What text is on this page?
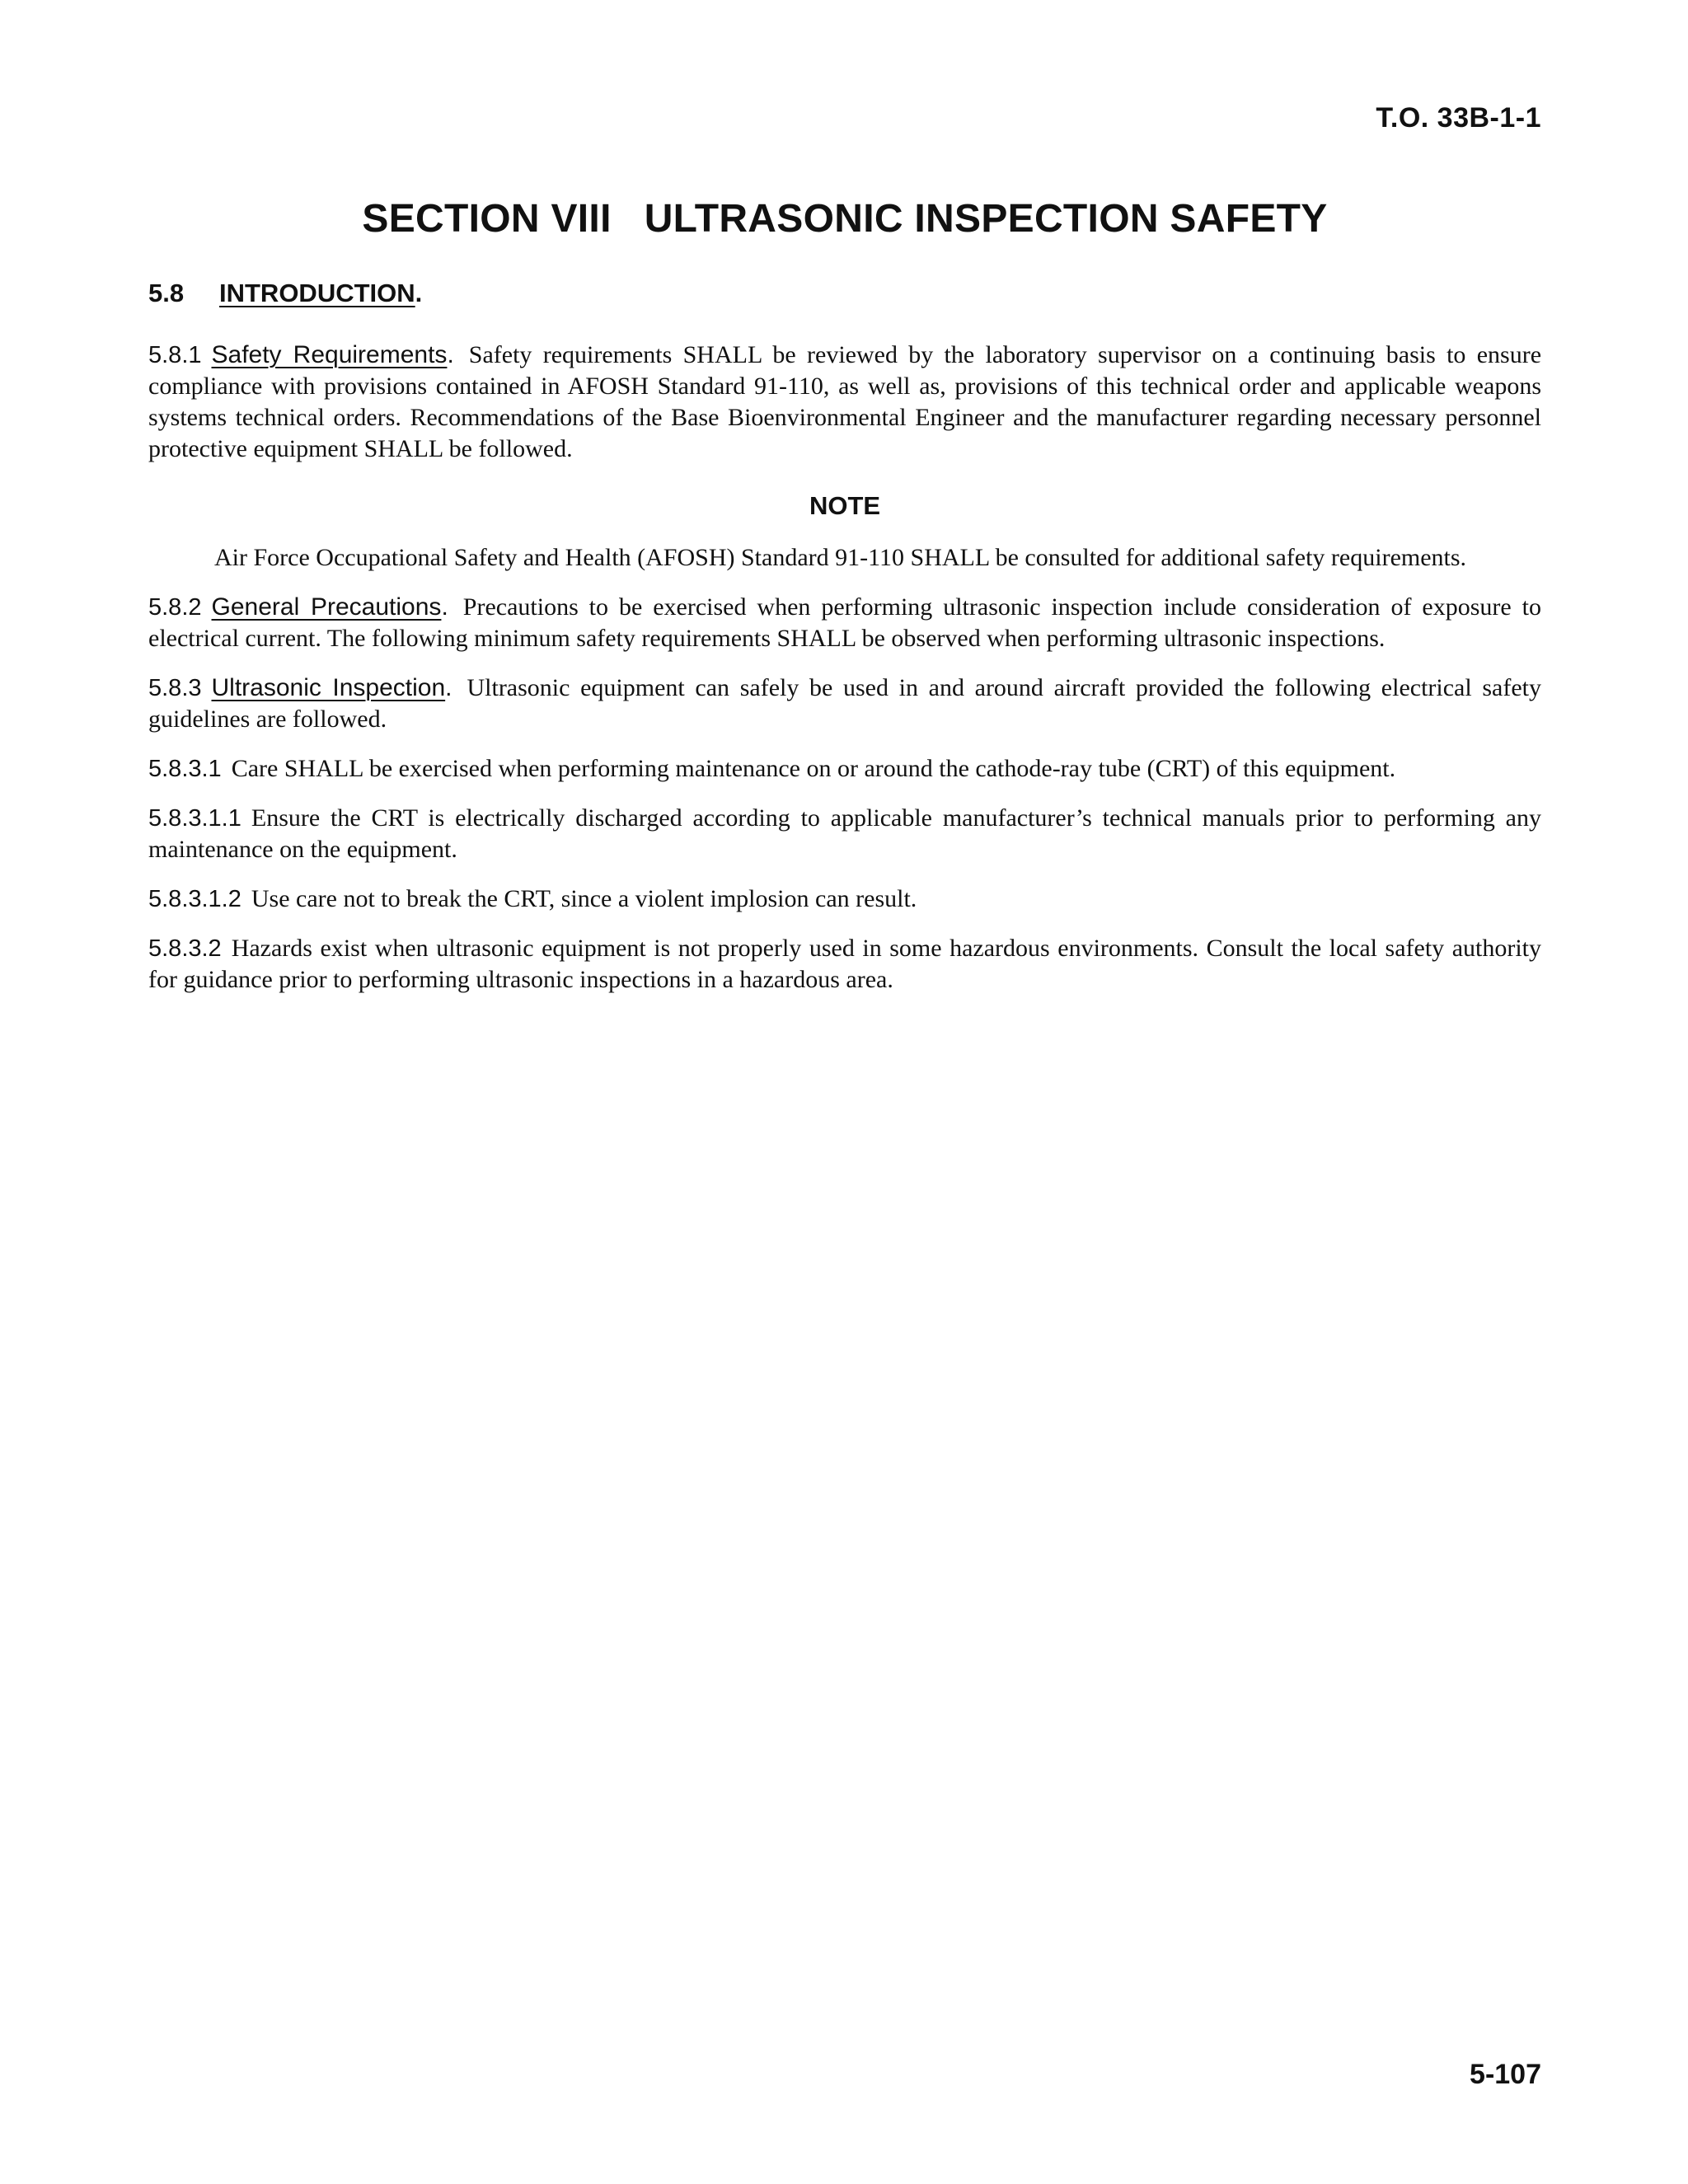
T.O. 33B-1-1
SECTION VIII ULTRASONIC INSPECTION SAFETY
5.8 INTRODUCTION.

5.8.1 Safety Requirements. Safety requirements SHALL be reviewed by the laboratory supervisor on a continuing basis to ensure compliance with provisions contained in AFOSH Standard 91-110, as well as, provisions of this technical order and applicable weapons systems technical orders. Recommendations of the Base Bioenvironmental Engineer and the manufacturer regarding necessary personnel protective equipment SHALL be followed.

NOTE

Air Force Occupational Safety and Health (AFOSH) Standard 91-110 SHALL be consulted for additional safety requirements.

5.8.2 General Precautions. Precautions to be exercised when performing ultrasonic inspection include consideration of exposure to electrical current. The following minimum safety requirements SHALL be observed when performing ultrasonic inspections.

5.8.3 Ultrasonic Inspection. Ultrasonic equipment can safely be used in and around aircraft provided the following electrical safety guidelines are followed.

5.8.3.1 Care SHALL be exercised when performing maintenance on or around the cathode-ray tube (CRT) of this equipment.

5.8.3.1.1 Ensure the CRT is electrically discharged according to applicable manufacturer’s technical manuals prior to performing any maintenance on the equipment.

5.8.3.1.2 Use care not to break the CRT, since a violent implosion can result.

5.8.3.2 Hazards exist when ultrasonic equipment is not properly used in some hazardous environments. Consult the local safety authority for guidance prior to performing ultrasonic inspections in a hazardous area.

5-107
